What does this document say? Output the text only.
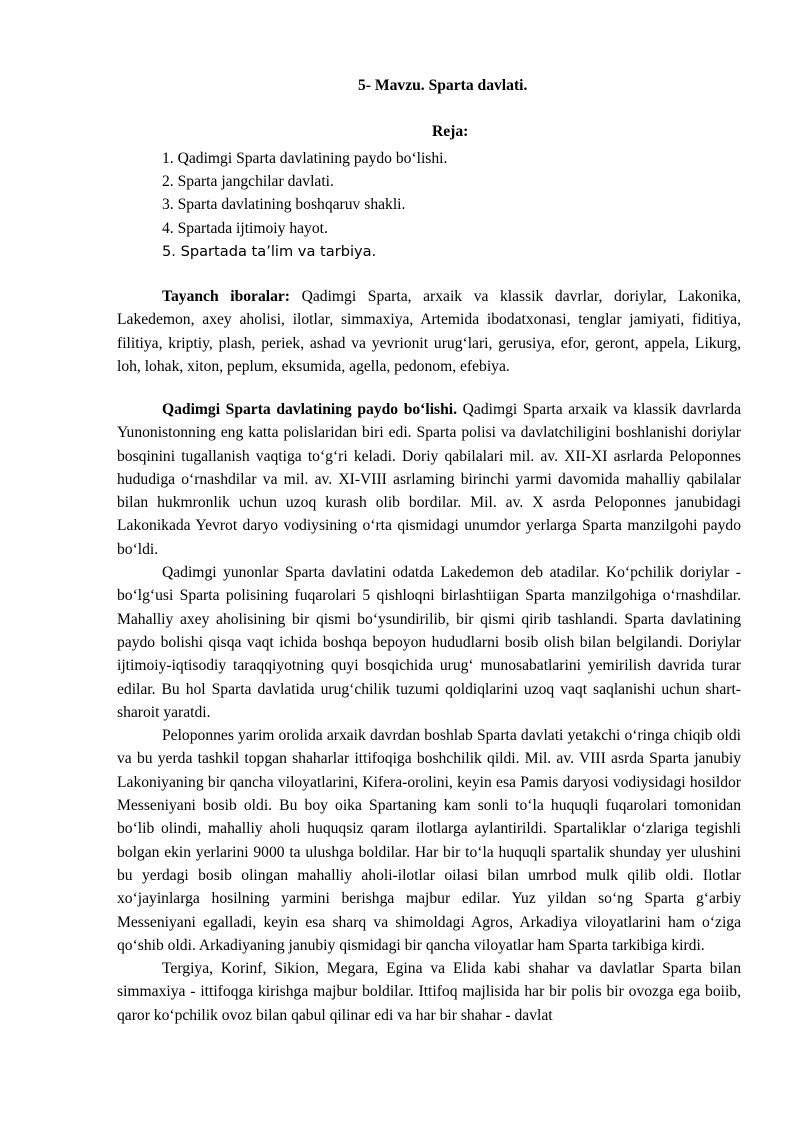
5- Mavzu. Sparta davlati.
Reja:
1. Qadimgi Sparta davlatining paydo bo‘lishi.
2. Sparta jangchilar davlati.
3. Sparta davlatining boshqaruv shakli.
4. Spartada ijtimoiy hayot.
5. Spartada ta’lim va tarbiya.

Tayanch iboralar: Qadimgi Sparta, arxaik va klassik davrlar, doriylar, Lakonika, Lakedemon, axey aholisi, ilotlar, simmaxiya, Artemida ibodatxonasi, tenglar jamiyati, fiditiya, filitiya, kriptiy, plash, periek, ashad va yevrionit urug‘lari, gerusiya, efor, geront, appela, Likurg, loh, lohak, xiton, peplum, eksumida, agella, pedonom, efebiya.

Qadimgi Sparta davlatining paydo bo‘lishi. Qadimgi Sparta arxaik va klassik davrlarda Yunonistonning eng katta polislaridan biri edi. Sparta polisi va davlatchiligini boshlanishi doriylar bosqinini tugallanish vaqtiga to‘g‘ri keladi. Doriy qabilalari mil. av. XII-XI asrlarda Peloponnes hududiga o‘rnashdilar va mil. av. XI-VIII asrlaming birinchi yarmi davomida mahalliy qabilalar bilan hukmronlik uchun uzoq kurash olib bordilar. Mil. av. X asrda Peloponnes janubidagi Lakonikada Yevrot daryo vodiysining o‘rta qismidagi unumdor yerlarga Sparta manzilgohi paydo bo‘ldi.

Qadimgi yunonlar Sparta davlatini odatda Lakedemon deb atadilar. Ko‘pchilik doriylar - bo‘lg‘usi Sparta polisining fuqarolari 5 qishloqni birlashtiigan Sparta manzilgohiga o‘rnashdilar. Mahalliy axey aholisining bir qismi bo‘ysundirilib, bir qismi qirib tashlandi. Sparta davlatining paydo bolishi qisqa vaqt ichida boshqa bepoyon hududlarni bosib olish bilan belgilandi. Doriylar ijtimoiy-iqtisodiy taraqqiyotning quyi bosqichida urug‘ munosabatlarini yemirilish davrida turar edilar. Bu hol Sparta davlatida urug‘chilik tuzumi qoldiqlarini uzoq vaqt saqlanishi uchun shart-sharoit yaratdi.

Peloponnes yarim orolida arxaik davrdan boshlab Sparta davlati yetakchi o‘ringa chiqib oldi va bu yerda tashkil topgan shaharlar ittifoqiga boshchilik qildi. Mil. av. VIII asrda Sparta janubiy Lakoniyaning bir qancha viloyatlarini, Kifera-orolini, keyin esa Pamis daryosi vodiysidagi hosildor Messeniyani bosib oldi. Bu boy oika Spartaning kam sonli to‘la huquqli fuqarolari tomonidan bo‘lib olindi, mahalliy aholi huquqsiz qaram ilotlarga aylantirildi. Spartaliklar o‘zlariga tegishli bolgan ekin yerlarini 9000 ta ulushga boldilar. Har bir to‘la huquqli spartalik shunday yer ulushini bu yerdagi bosib olingan mahalliy aholi-ilotlar oilasi bilan umrbod mulk qilib oldi. Ilotlar xo‘jayinlarga hosilning yarmini berishga majbur edilar. Yuz yildan so‘ng Sparta g‘arbiy Messeniyani egalladi, keyin esa sharq va shimoldagi Agros, Arkadiya viloyatlarini ham o‘ziga qo‘shib oldi. Arkadiyaning janubiy qismidagi bir qancha viloyatlar ham Sparta tarkibiga kirdi.

Tergiya, Korinf, Sikion, Megara, Egina va Elida kabi shahar va davlatlar Sparta bilan simmaxiya - ittifoqga kirishga majbur boldilar. Ittifoq majlisida har bir polis bir ovozga ega boiib, qaror ko‘pchilik ovoz bilan qabul qilinar edi va har bir shahar - davlat
